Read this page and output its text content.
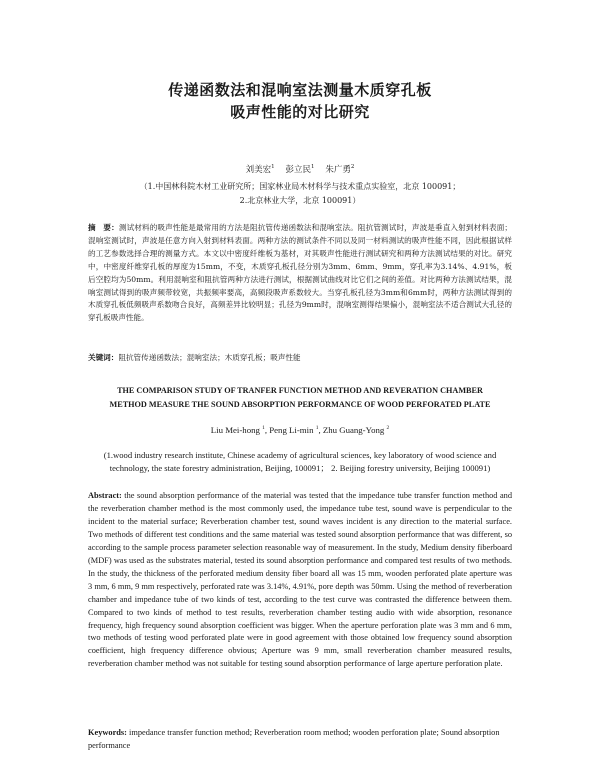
传递函数法和混响室法测量木质穿孔板
吸声性能的对比研究
刘美宏$^1$ 彭立民$^1$ 朱广勇$^2$
（1.中国林科院木材工业研究所；国家林业局木材科学与技术重点实验室，北京 100091；
2.北京林业大学，北京 100091）
摘　要：测试材料的吸声性能是最常用的方法是阻抗管传递函数法和混响室法。阻抗管测试时，声波是垂直入射到材料表面；混响室测试时，声波是任意方向入射到材料表面。两种方法的测试条件不同以及同一材料测试的吸声性能不同，因此根据试样的工艺参数选择合理的测量方式。本文以中密度纤维板为基材，对其吸声性能进行测试研究和两种方法测试结果的对比。研究中，中密度纤维穿孔板的厚度为15mm，不变，木质穿孔板孔径分别为3mm、6mm、9mm，穿孔率为3.14%、4.91%，板后空腔均为50mm。利用混响室和阻抗管两种方法进行测试，根据测试曲线对比它们之间的差值。对比两种方法测试结果，混响室测试得到的吸声频带较宽，共振频率要高，高频段吸声系数较大。当穿孔板孔径为3mm和6mm时，两种方法测试得到的木质穿孔板低频吸声系数吻合良好，高频差异比较明显；孔径为9mm时，混响室测得结果偏小，混响室法不适合测试大孔径的穿孔板吸声性能。
关键词：阻抗管传递函数法；混响室法；木质穿孔板；吸声性能
THE COMPARISON STUDY OF TRANFER FUNCTION METHOD AND REVERATION CHAMBER
METHOD MEASURE THE SOUND ABSORPTION PERFORMANCE OF WOOD PERFORATED PLATE
Liu Mei-hong $^1$, Peng Li-min $^1$, Zhu Guang-Yong $^2$
(1.wood industry research institute, Chinese academy of agricultural sciences, key laboratory of wood science and technology, the state forestry administration, Beijing, 100091； 2. Beijing forestry university, Beijing 100091)
Abstract: the sound absorption performance of the material was tested that the impedance tube transfer function method and the reverberation chamber method is the most commonly used, the impedance tube test, sound wave is perpendicular to the incident to the material surface; Reverberation chamber test, sound waves incident is any direction to the material surface. Two methods of different test conditions and the same material was tested sound absorption performance that was different, so according to the sample process parameter selection reasonable way of measurement. In the study, Medium density fiberboard (MDF) was used as the substrates material, tested its sound absorption performance and compared test results of two methods. In the study, the thickness of the perforated medium density fiber board all was 15 mm, wooden perforated plate aperture was 3 mm, 6 mm, 9 mm respectively, perforated rate was 3.14%, 4.91%, pore depth was 50mm. Using the method of reverberation chamber and impedance tube of two kinds of test, according to the test curve was contrasted the difference between them. Compared to two kinds of method to test results, reverberation chamber testing audio with wide absorption, resonance frequency, high frequency sound absorption coefficient was bigger. When the aperture perforation plate was 3 mm and 6 mm, two methods of testing wood perforated plate were in good agreement with those obtained low frequency sound absorption coefficient, high frequency difference obvious; Aperture was 9 mm, small reverberation chamber measured results, reverberation chamber method was not suitable for testing sound absorption performance of large aperture perforation plate.
Keywords: impedance transfer function method; Reverberation room method; wooden perforation plate; Sound absorption performance
